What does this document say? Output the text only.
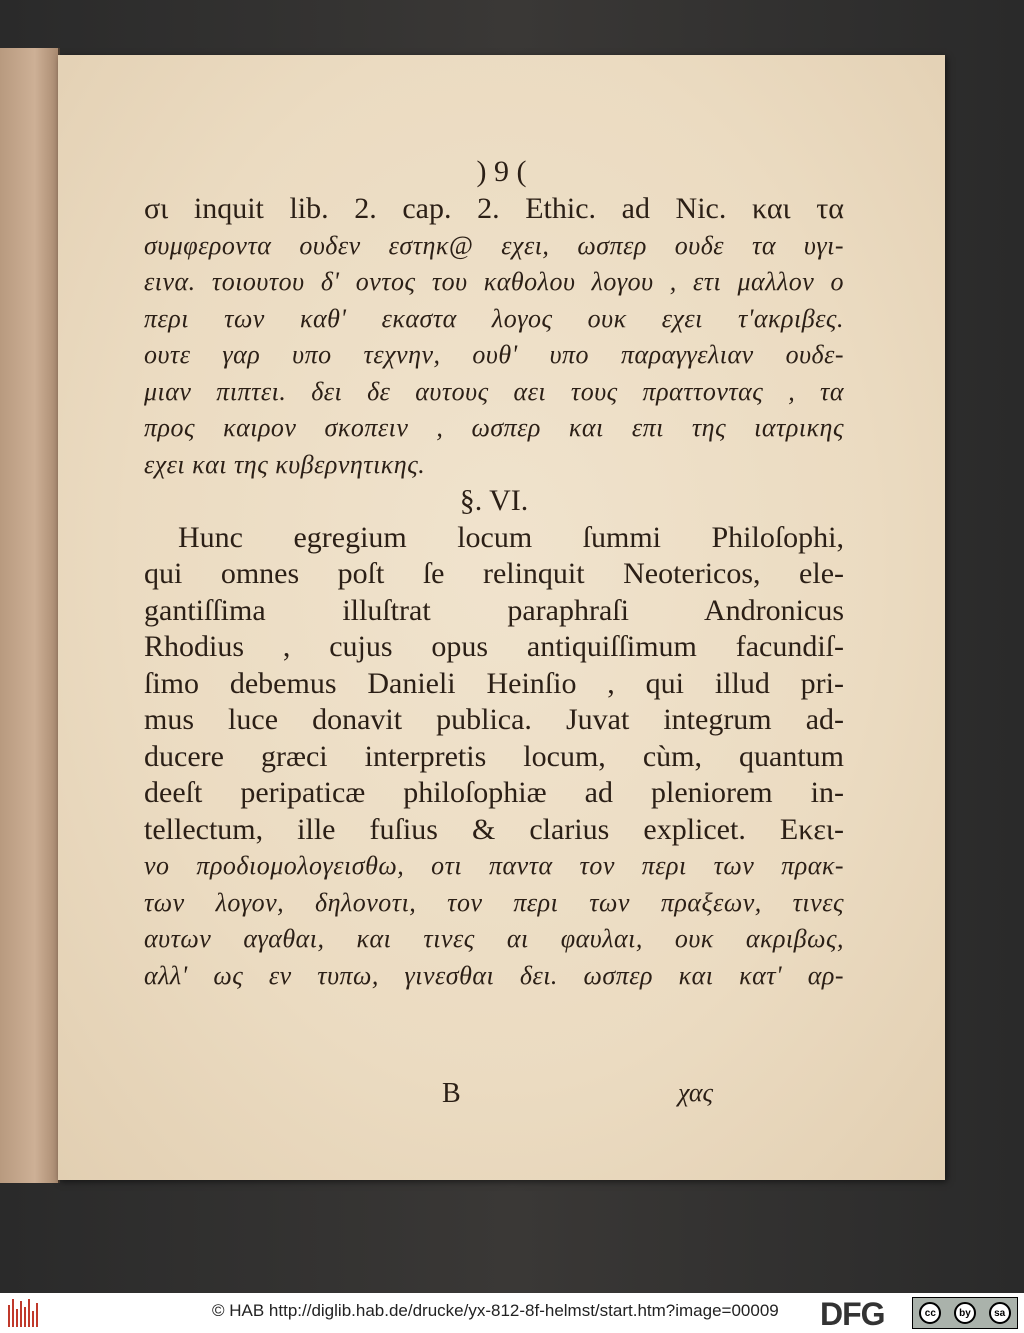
) 9 (
σι inquit lib. 2. cap. 2. Ethic. ad Nic. και τα
συμφεροντα ουδεν εστηκ@ εχει, ωσπερ ουδε τα υγι-
εινα. τοιουτου δ' οντος του καθολου λογου , ετι μαλλον ο
περι των καθ' εκαστα λογος ουκ εχει τ'ακριβες.
ουτε γαρ υπο τεχνην, ουθ' υπο παραγγελιαν ουδε-
μιαν πιπτει. δει δε αυτους αει τους πραττοντας , τα
προς καιρον σκοπειν , ωσπερ και επι της ιατρικης
εχει και της κυβερνητικης.
§. VI.
Hunc egregium locum ſummi Philoſophi,
qui omnes poſt ſe relinquit Neotericos, ele-
gantiſſima illuſtrat paraphraſi Andronicus
Rhodius , cujus opus antiquiſſimum facundiſ-
ſimo debemus Danieli Heinſio , qui illud pri-
mus luce donavit publica. Juvat integrum ad-
ducere græci interpretis locum, cùm, quantum
deeſt peripaticæ philoſophiæ ad pleniorem in-
tellectum, ille fuſius & clarius explicet. Εκει-
νο προδιομολογεισθω, οτι παντα τον περι των πρακ-
των λογον, δηλονοτι, τον περι των πραξεων, τινες
αυτων αγαθαι, και τινες αι φαυλαι, ουκ ακριβως,
αλλ' ως εν τυπω, γινεσθαι δει. ωσπερ και κατ' αρ-
B	χας
© HAB http://diglib.hab.de/drucke/yx-812-8f-helmst/start.htm?image=00009 DFG	cc	by	sa
